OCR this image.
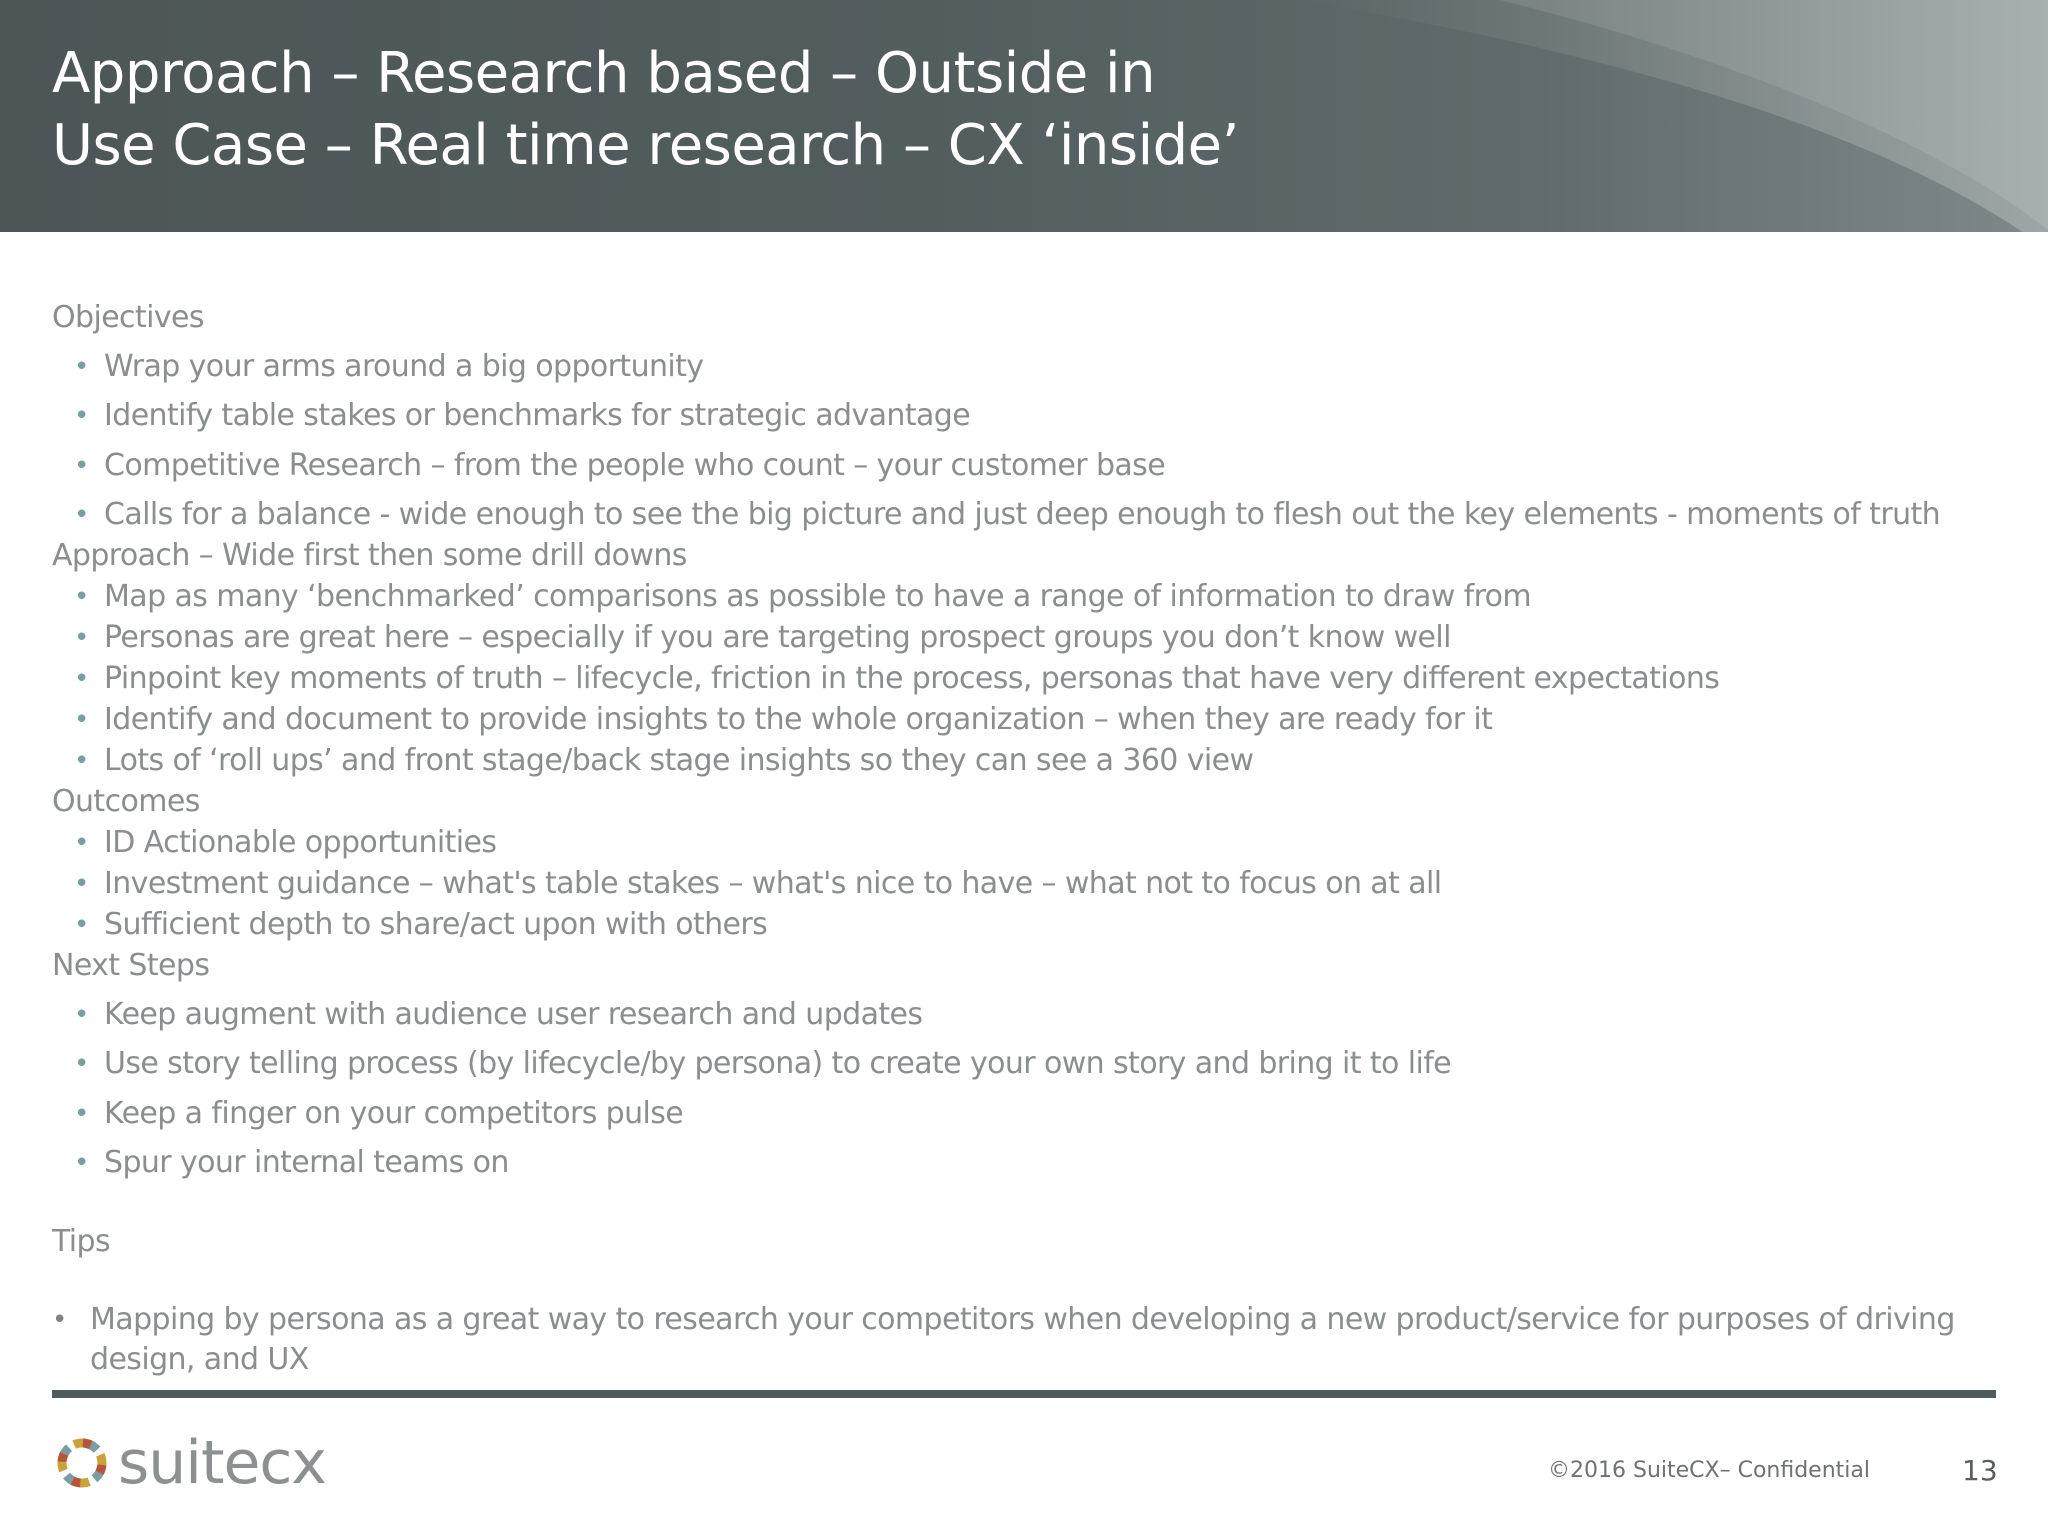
Approach – Research based – Outside in
Use Case – Real time research – CX ‘inside’
Objectives
• Wrap your arms around a big opportunity
• Identify table stakes or benchmarks for strategic advantage
• Competitive Research – from the people who count – your customer base
• Calls for a balance - wide enough to see the big picture and just deep enough to flesh out the key elements - moments of truth
Approach – Wide first then some drill downs
• Map as many ‘benchmarked’ comparisons as possible to have a range of information to draw from
• Personas are great here – especially if you are targeting prospect groups you don’t know well
• Pinpoint key moments of truth – lifecycle, friction in the process, personas that have very different expectations
• Identify and document to provide insights to the whole organization – when they are ready for it
• Lots of ‘roll ups’ and front stage/back stage insights so they can see a 360 view
Outcomes
• ID Actionable opportunities
• Investment guidance – what's table stakes – what's nice to have – what not to focus on at all
• Sufficient depth to share/act upon with others
Next Steps
• Keep augment with audience user research and updates
• Use story telling process (by lifecycle/by persona) to create your own story and bring it to life
• Keep a finger on your competitors pulse
• Spur your internal teams on
Tips
• Mapping by persona as a great way to research your competitors when developing a new product/service for purposes of driving design, and UX
suitecx	©2016 SuiteCX– Confidential	13
